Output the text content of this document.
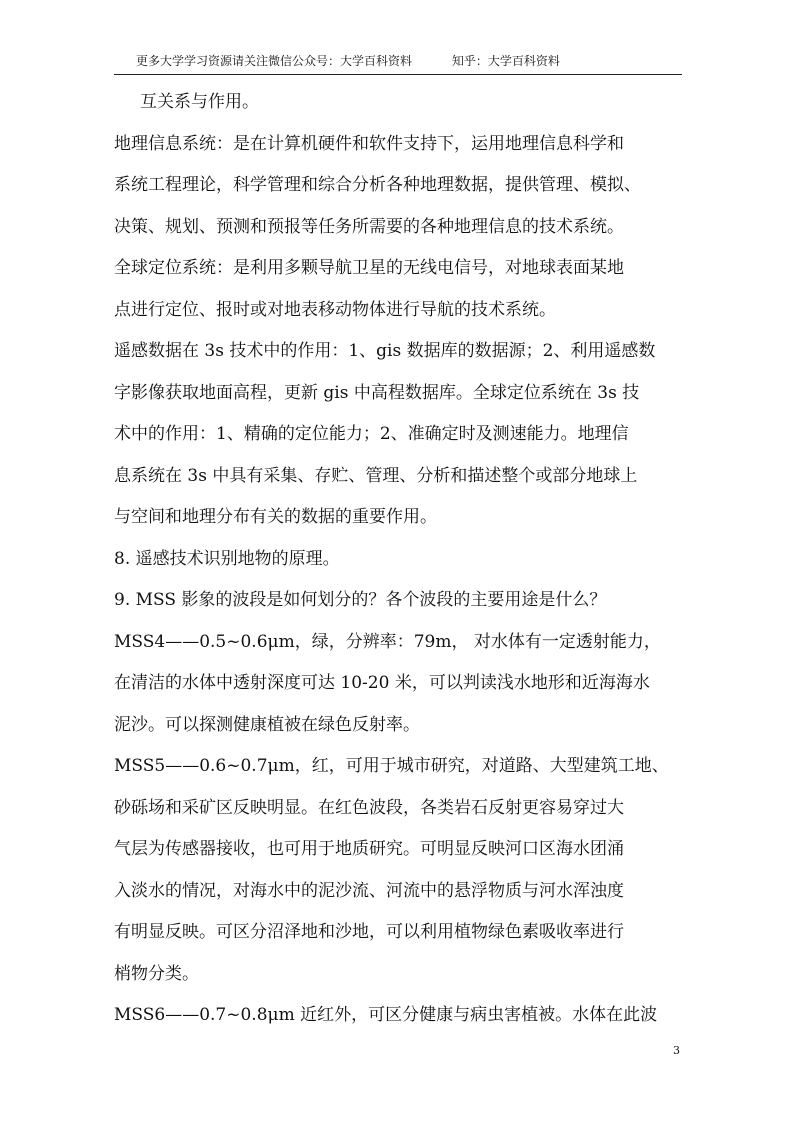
更多大学学习资源请关注微信公众号：大学百科资料	知乎：大学百科资料

互关系与作用。

地理信息系统：是在计算机硬件和软件支持下，运用地理信息科学和

系统工程理论，科学管理和综合分析各种地理数据，提供管理、模拟、

决策、规划、预测和预报等任务所需要的各种地理信息的技术系统。

全球定位系统：是利用多颗导航卫星的无线电信号，对地球表面某地

点进行定位、报时或对地表移动物体进行导航的技术系统。

遥感数据在 3s 技术中的作用：1、gis 数据库的数据源；2、利用遥感数

字影像获取地面高程，更新 gis 中高程数据库。全球定位系统在 3s 技

术中的作用：1、精确的定位能力；2、准确定时及测速能力。地理信

息系统在 3s 中具有采集、存贮、管理、分析和描述整个或部分地球上

与空间和地理分布有关的数据的重要作用。

8. 遥感技术识别地物的原理。

9. MSS 影象的波段是如何划分的？各个波段的主要用途是什么？

MSS4——0.5~0.6μm，绿，分辨率：79m， 对水体有一定透射能力，

在清洁的水体中透射深度可达 10-20 米，可以判读浅水地形和近海海水

泥沙。可以探测健康植被在绿色反射率。

MSS5——0.6~0.7μm，红，可用于城市研究，对道路、大型建筑工地、

砂砾场和采矿区反映明显。在红色波段，各类岩石反射更容易穿过大

气层为传感器接收，也可用于地质研究。可明显反映河口区海水团涌

入淡水的情况，对海水中的泥沙流、河流中的悬浮物质与河水浑浊度

有明显反映。可区分沼泽地和沙地，可以利用植物绿色素吸收率进行

梢物分类。

MSS6——0.7~0.8μm 近红外，可区分健康与病虫害植被。水体在此波

3
